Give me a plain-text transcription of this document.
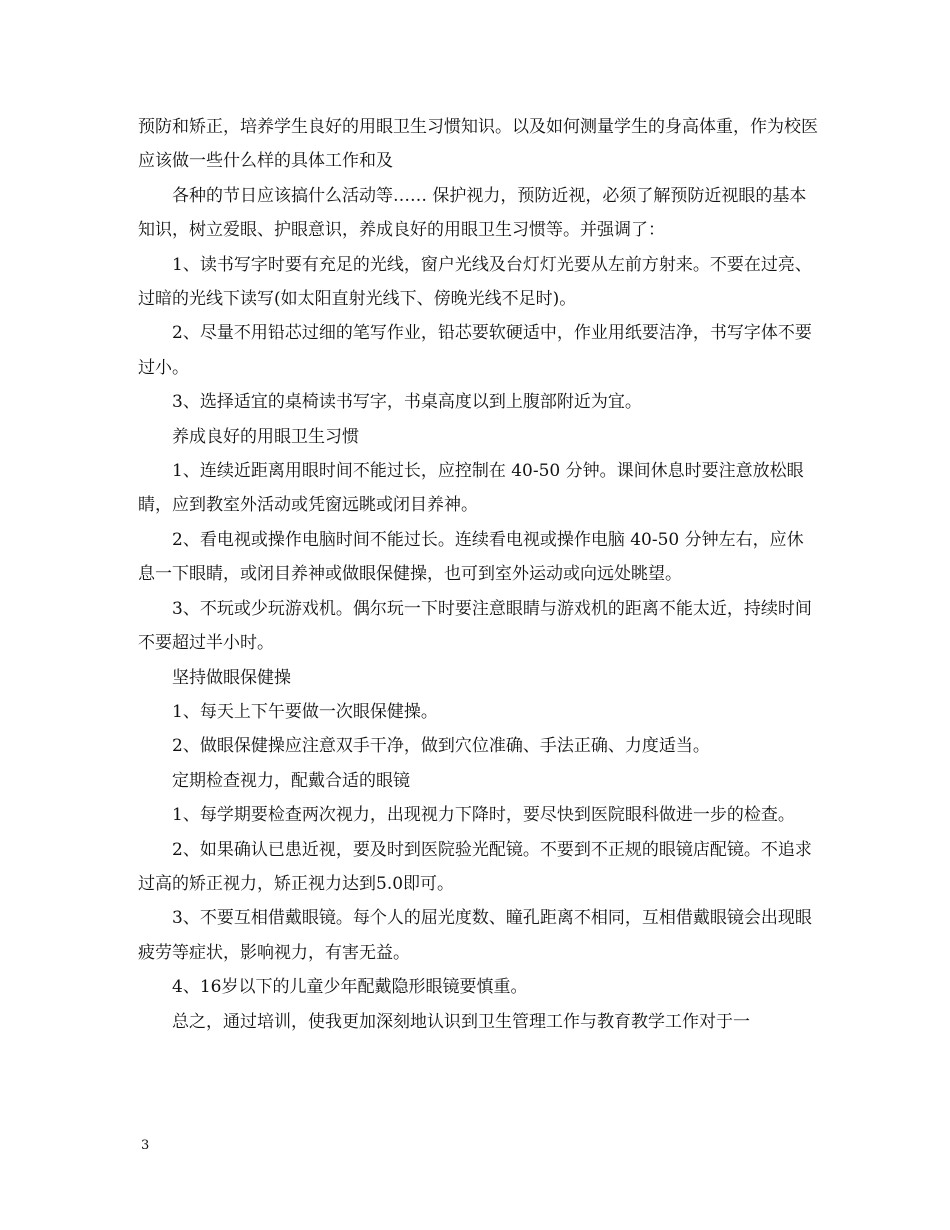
预防和矫正，培养学生良好的用眼卫生习惯知识。以及如何测量学生的身高体重，作为校医应该做一些什么样的具体工作和及

各种的节日应该搞什么活动等…… 保护视力，预防近视，必须了解预防近视眼的基本知识，树立爱眼、护眼意识，养成良好的用眼卫生习惯等。并强调了：

1、读书写字时要有充足的光线，窗户光线及台灯灯光要从左前方射来。不要在过亮、过暗的光线下读写(如太阳直射光线下、傍晚光线不足时)。

2、尽量不用铅芯过细的笔写作业，铅芯要软硬适中，作业用纸要洁净，书写字体不要过小。

3、选择适宜的桌椅读书写字，书桌高度以到上腹部附近为宜。

养成良好的用眼卫生习惯

1、连续近距离用眼时间不能过长，应控制在 40-50 分钟。课间休息时要注意放松眼睛，应到教室外活动或凭窗远眺或闭目养神。

2、看电视或操作电脑时间不能过长。连续看电视或操作电脑 40-50 分钟左右，应休息一下眼睛，或闭目养神或做眼保健操，也可到室外运动或向远处眺望。

3、不玩或少玩游戏机。偶尔玩一下时要注意眼睛与游戏机的距离不能太近，持续时间不要超过半小时。

坚持做眼保健操

1、每天上下午要做一次眼保健操。

2、做眼保健操应注意双手干净，做到穴位准确、手法正确、力度适当。

定期检查视力，配戴合适的眼镜

1、每学期要检查两次视力，出现视力下降时，要尽快到医院眼科做进一步的检查。

2、如果确认已患近视，要及时到医院验光配镜。不要到不正规的眼镜店配镜。不追求过高的矫正视力，矫正视力达到5.0即可。

3、不要互相借戴眼镜。每个人的屈光度数、瞳孔距离不相同，互相借戴眼镜会出现眼疲劳等症状，影响视力，有害无益。

4、16岁以下的儿童少年配戴隐形眼镜要慎重。

总之，通过培训，使我更加深刻地认识到卫生管理工作与教育教学工作对于一

3
